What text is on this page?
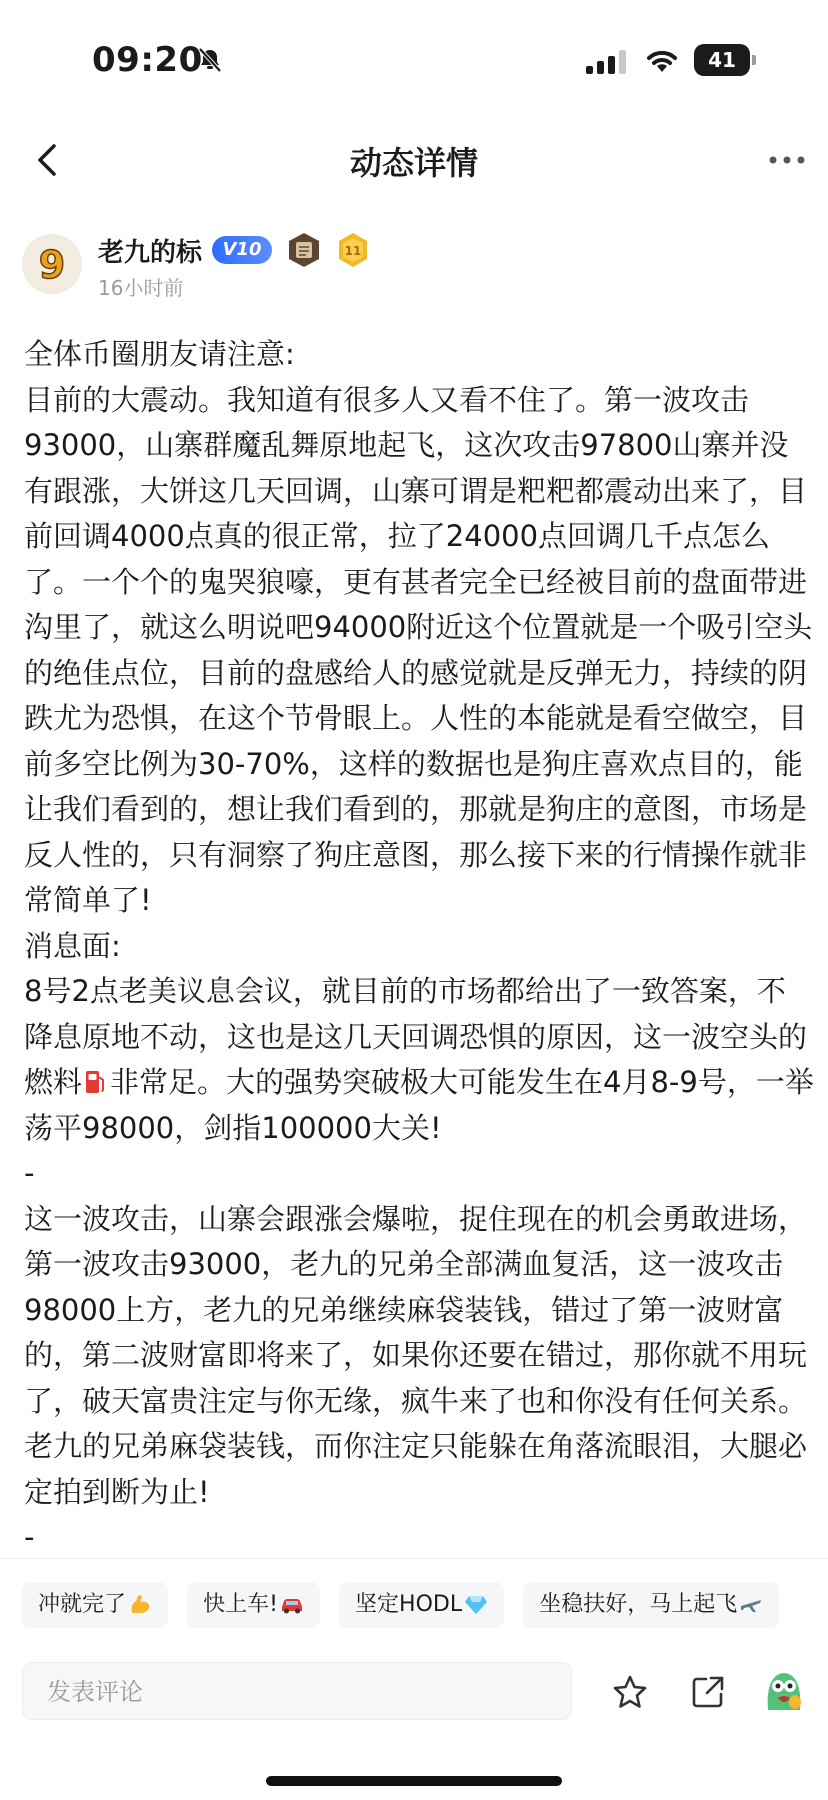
09:20	41
动态详情
9 老九的标	V10	11
16小时前

全体币圈朋友请注意:

目前的大震动。我知道有很多人又看不住了。第一波攻击93000，山寨群魔乱舞原地起飞，这次攻击97800山寨并没有跟涨，大饼这几天回调，山寨可谓是粑粑都震动出来了，目前回调4000点真的很正常，拉了24000点回调几千点怎么了。一个个的鬼哭狼嚎，更有甚者完全已经被目前的盘面带进沟里了，就这么明说吧94000附近这个位置就是一个吸引空头的绝佳点位，目前的盘感给人的感觉就是反弹无力，持续的阴跌尤为恐惧，在这个节骨眼上。人性的本能就是看空做空，目前多空比例为30-70%，这样的数据也是狗庄喜欢点目的，能让我们看到的，想让我们看到的，那就是狗庄的意图，市场是反人性的，只有洞察了狗庄意图，那么接下来的行情操作就非常简单了!

消息面:

8号2点老美议息会议，就目前的市场都给出了一致答案，不降息原地不动，这也是这几天回调恐惧的原因，这一波空头的燃料 非常足。大的强势突破极大可能发生在4月8-9号，一举荡平98000，剑指100000大关!

-

这一波攻击，山寨会跟涨会爆啦，捉住现在的机会勇敢进场，第一波攻击93000，老九的兄弟全部满血复活，这一波攻击98000上方，老九的兄弟继续麻袋装钱，错过了第一波财富的，第二波财富即将来了，如果你还要在错过，那你就不用玩了，破天富贵注定与你无缘，疯牛来了也和你没有任何关系。老九的兄弟麻袋装钱，而你注定只能躲在角落流眼泪，大腿必定拍到断为止!

-

冲就完了	快上车!	坚定HODL	坐稳扶好，马上起飞
发表评论
